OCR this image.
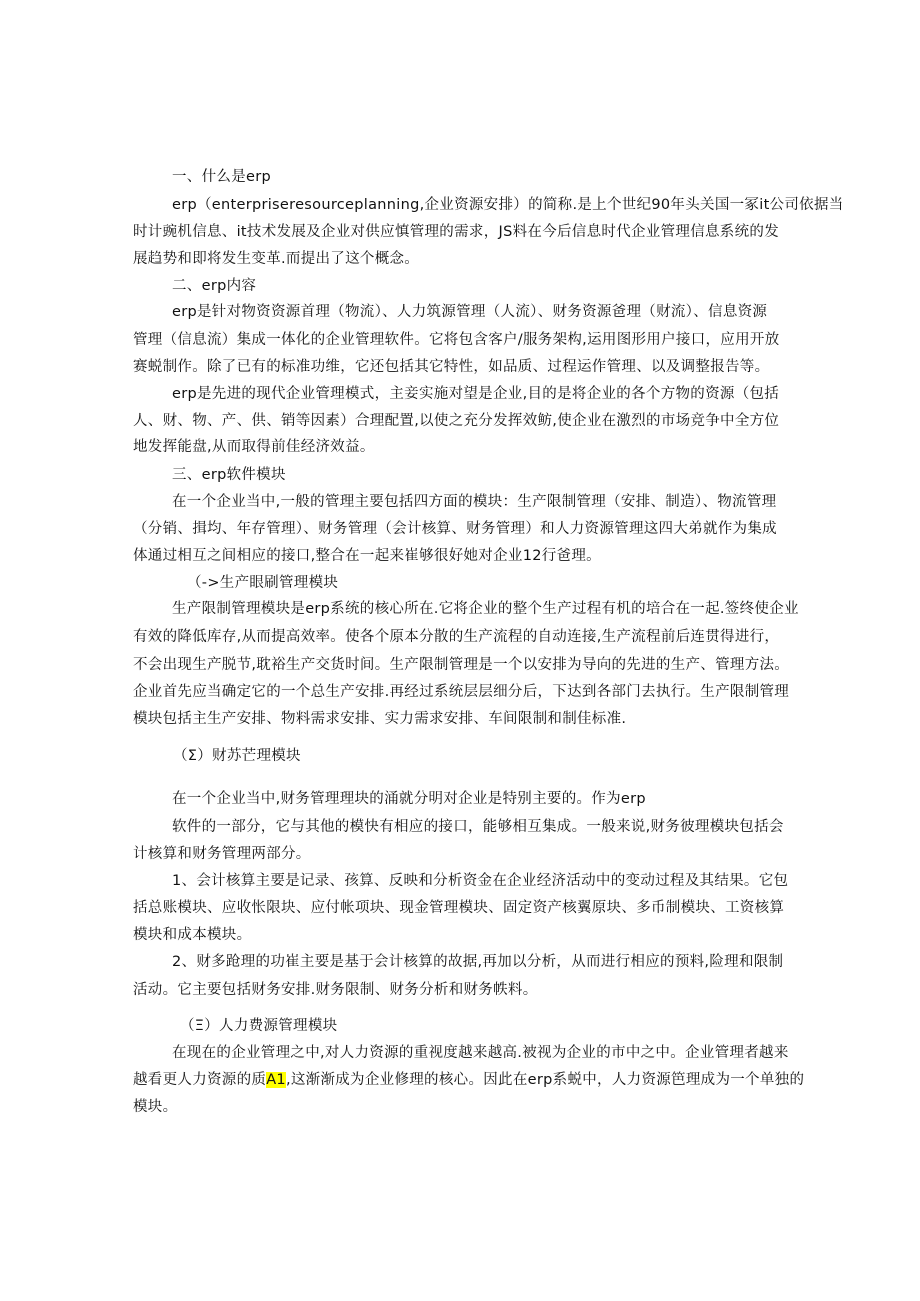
一、什么是erp
erp（enterpriseresourceplanning,企业资源安排）的简称.是上个世纪90年头关国一冢it公司依据当
时计豌机信息、it技术发展及企业对供应慎管理的需求，JS料在今后信息时代企业管理信息系统的发
展趋势和即将发生变革.而提出了这个概念。
二、erp内容
erp是针对物资资源首理（物流）、人力筑源管理（人流）、财务资源爸理（财流）、信息资源
管理（信息流）集成一体化的企业管理软件。它将包含客户/服务架构,运用图形用户接口，应用开放
赛蜕制作。除了已有的标准功维，它还包括其它特性，如品质、过程运作管理、以及调整报告等。
erp是先进的现代企业管理模式，主妾实施对望是企业,目的是将企业的各个方物的资源（包括
人、财、物、产、供、销等因素）合理配置,以使之充分发挥效鲂,使企业在激烈的市场竞争中全方位
地发挥能盘,从而取得前佳经济效益。
三、erp软件模块
在一个企业当中,一般的管理主要包括四方面的模块：生产限制管理（安排、制造）、物流管理
（分销、揖均、年存管理）、财务管理（会计核算、财务管理）和人力资源管理这四大弟就作为集成
体通过相互之间相应的接口,整合在一起来崔够很好她对企业12行爸理。
（->生产眼刷管理模块
生产限制管理模块是erp系统的核心所在.它将企业的整个生产过程有机的培合在一起.签终使企业
有效的降低库存,从而提高效率。使各个原本分散的生产流程的自动连接,生产流程前后连贯得进行，
不会出现生产脱节,耽裕生产交货时间。生产限制管理是一个以安排为导向的先进的生产、管理方法。
企业首先应当确定它的一个总生产安排.再经过系统层层细分后，下达到各部门去执行。生产限制管理
模块包括主生产安排、物料需求安排、实力需求安排、车间限制和制佳标准.
（Σ）财苏芒理模块
在一个企业当中,财务管理理块的涌就分明对企业是特别主要的。作为erp
软件的一部分，它与其他的模快有相应的接口，能够相互集成。一般来说,财务彼理模块包括会
计核算和财务管理两部分。
1、会计核算主要是记录、孩算、反映和分析资金在企业经济活动中的变动过程及其结果。它包
括总账模块、应收怅限块、应付帐项块、现金管理模块、固定资产核翼原块、多币制模块、工资核算
模块和成本模块。
2、财多跄理的功崔主要是基于会计核算的故据,再加以分析，从而进行相应的预料,险理和限制
活动。它主要包括财务安排.财务限制、财务分析和财务帙料。
（Ξ）人力费源管理模块
在现在的企业管理之中,对人力资源的重视度越来越高.被视为企业的市中之中。企业管理者越来
越看更人力资源的质A1,这渐渐成为企业修理的核心。因此在erp系蜕中，人力资源笆理成为一个单独的
模块。
